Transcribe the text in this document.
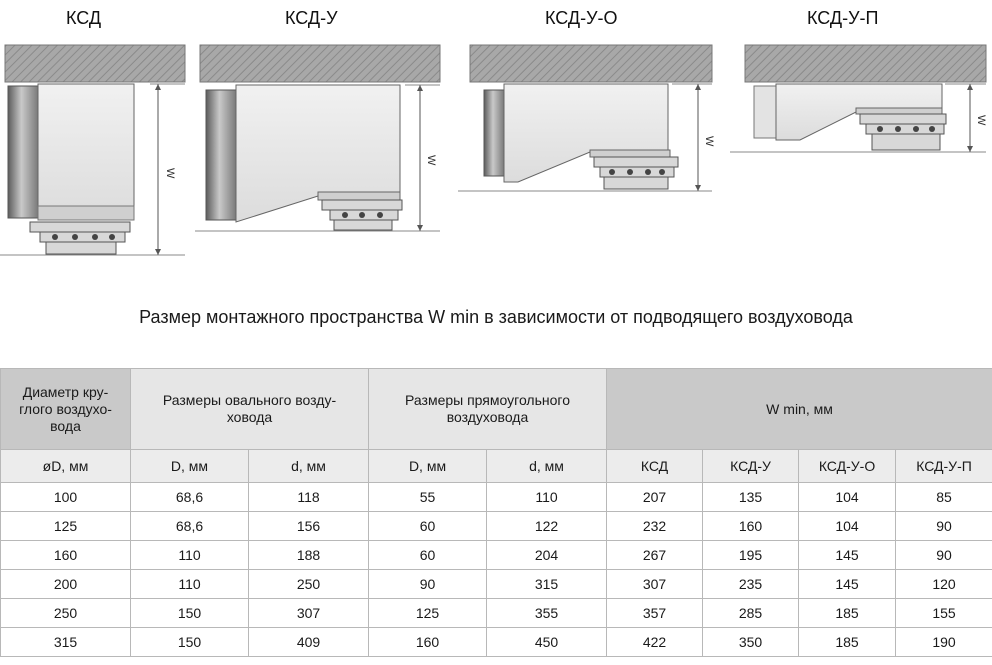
КСД	КСД-У	КСД-У-О	КСД-У-П
W
W
W
W
Размер монтажного пространства W min в зависимости от подводящего воздуховода
Диаметр кру-
глого воздухо-
вода	Размеры овального возду-
ховода		Размеры прямоугольного
воздуховода		W min, мм			
øD, мм	D, мм	d, мм	D, мм	d, мм	КСД	КСД-У	КСД-У-О	КСД-У-П
100	68,6	118	55	110	207	135	104	85
125	68,6	156	60	122	232	160	104	90
160	110	188	60	204	267	195	145	90
200	110	250	90	315	307	235	145	120
250	150	307	125	355	357	285	185	155
315	150	409	160	450	422	350	185	190
